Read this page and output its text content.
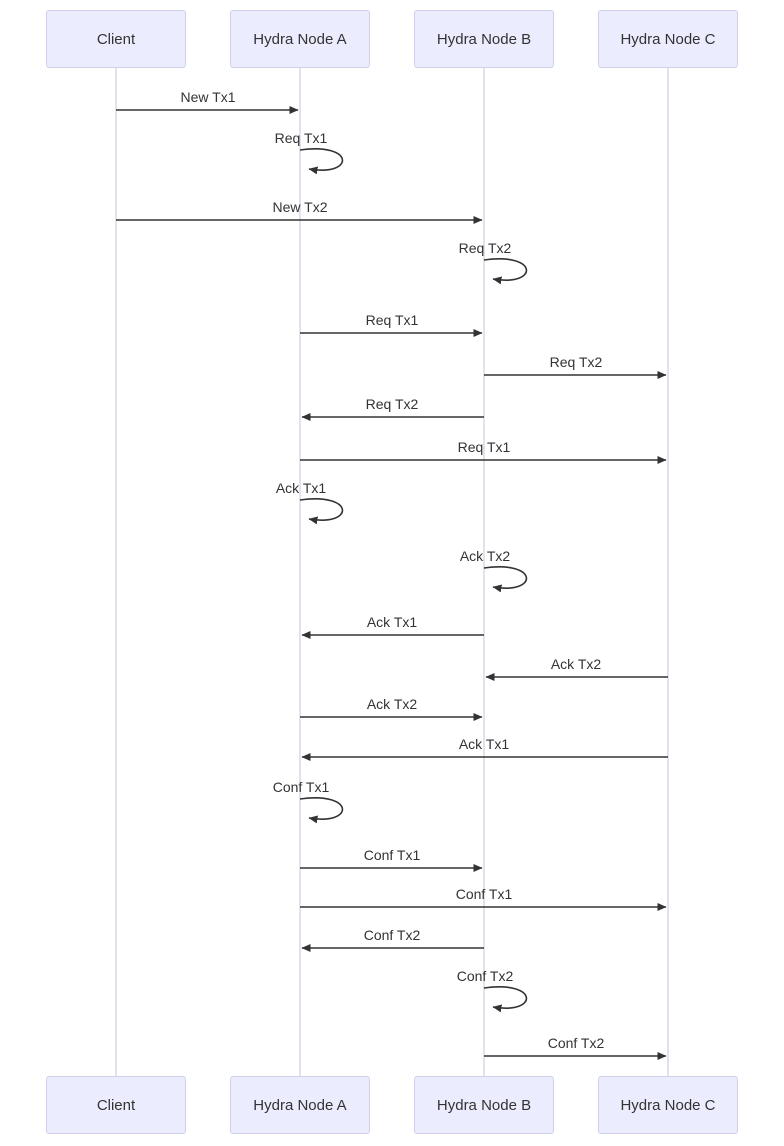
New Tx1
Req Tx1
New Tx2
Req Tx2
Req Tx1
Req Tx2
Req Tx2
Req Tx1
Ack Tx1
Ack Tx2
Ack Tx1
Ack Tx2
Ack Tx2
Ack Tx1
Conf Tx1
Conf Tx1
Conf Tx1
Conf Tx2
Conf Tx2
Conf Tx2
Client	Hydra Node A	Hydra Node B	Hydra Node C
Client	Hydra Node A	Hydra Node B	Hydra Node C
